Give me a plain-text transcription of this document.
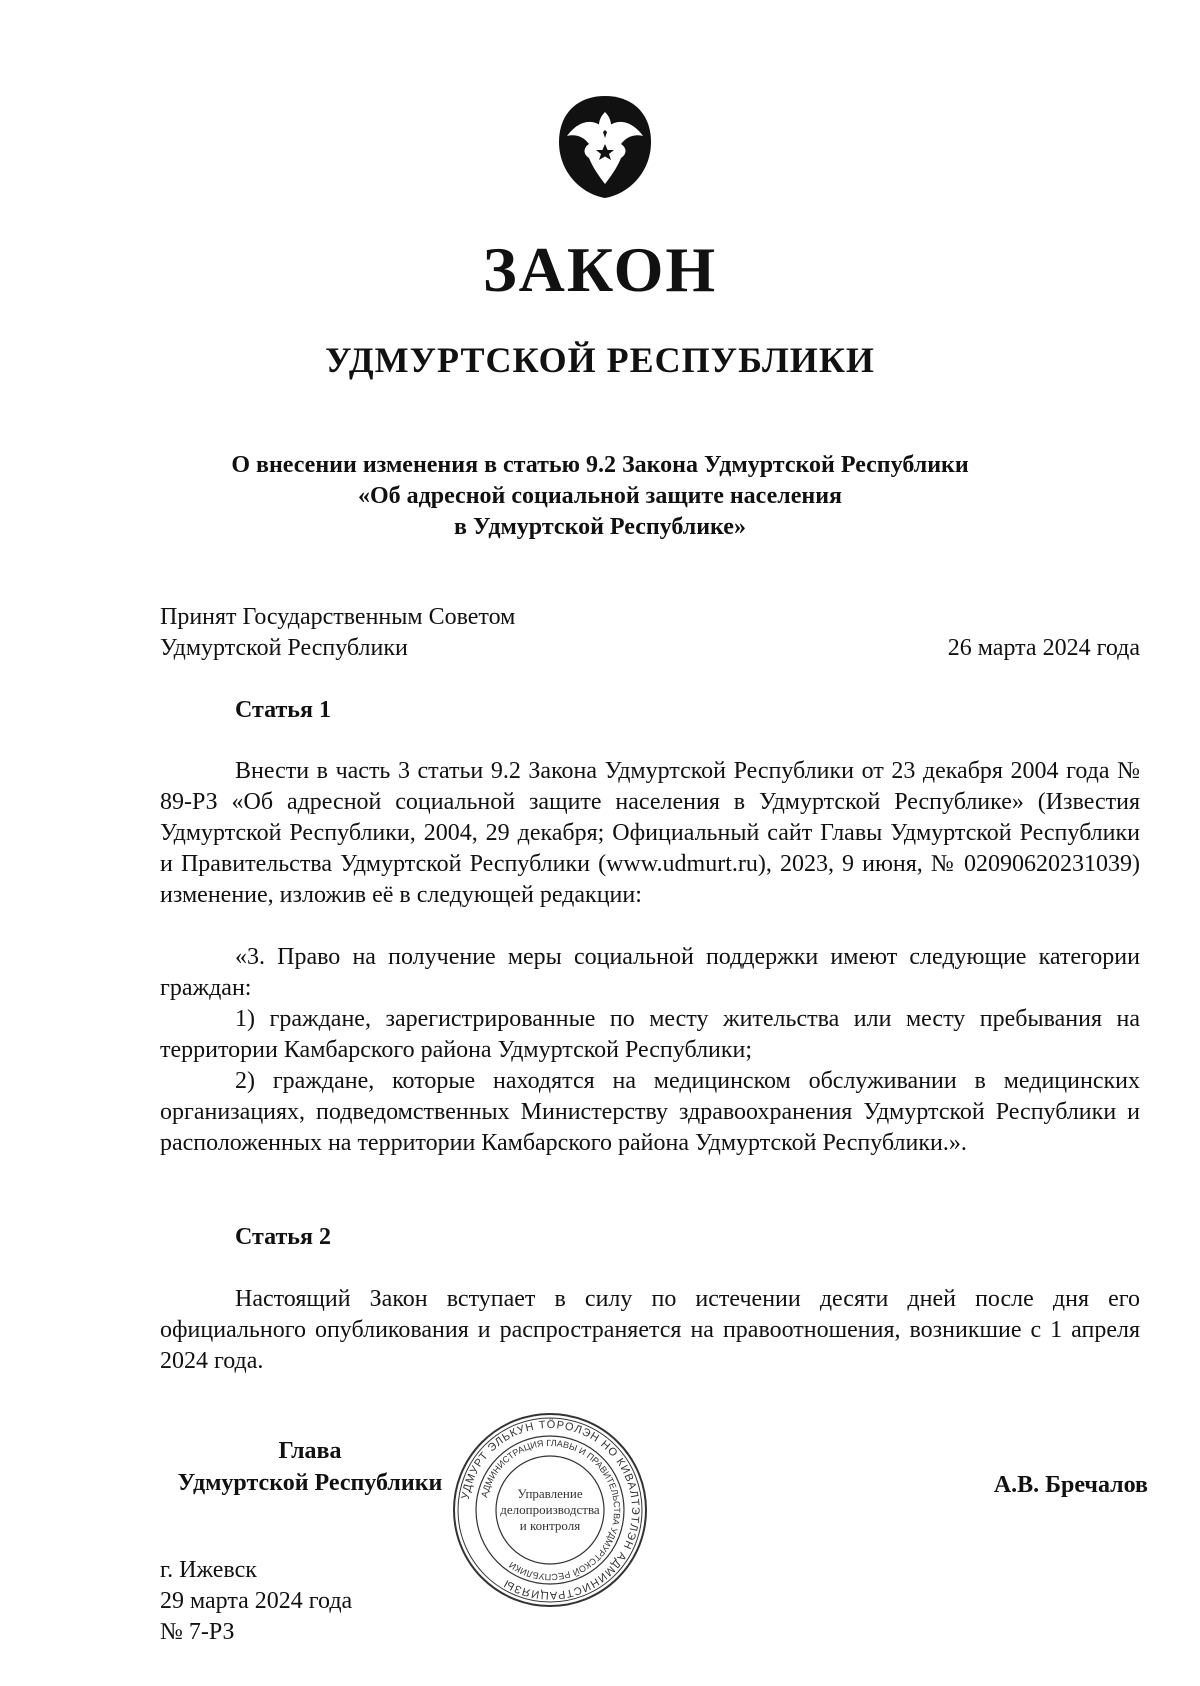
ЗАКОН
УДМУРТСКОЙ РЕСПУБЛИКИ
О внесении изменения в статью 9.2 Закона Удмуртской Республики
«Об адресной социальной защите населения
в Удмуртской Республике»
Принят Государственным Советом
Удмуртской Республики	26 марта 2024 года
Статья 1

Внести в часть 3 статьи 9.2 Закона Удмуртской Республики от 23 декабря 2004 года № 89-РЗ «Об адресной социальной защите населения в Удмуртской Республике» (Известия Удмуртской Республики, 2004, 29 декабря; Официальный сайт Главы Удмуртской Республики и Правительства Удмуртской Республики (www.udmurt.ru), 2023, 9 июня, № 02090620231039) изменение, изложив её в следующей редакции:

«3. Право на получение меры социальной поддержки имеют следующие категории граждан:

1) граждане, зарегистрированные по месту жительства или месту пребывания на территории Камбарского района Удмуртской Республики;

2) граждане, которые находятся на медицинском обслуживании в медицинских организациях, подведомственных Министерству здравоохранения Удмуртской Республики и расположенных на территории Камбарского района Удмуртской Республики.».

Статья 2

Настоящий Закон вступает в силу по истечении десяти дней после дня его официального опубликования и распространяется на правоотношения, возникшие с 1 апреля 2024 года.

Глава
Удмуртской Республики	УДМУРТ ЭЛЬКУН ТӦРОЛЭН НО КИВАЛТЭТЛЭН АДМИНИСТРАЦИЯЗЫ
АДМИНИСТРАЦИЯ ГЛАВЫ И ПРАВИТЕЛЬСТВА УДМУРТСКОЙ РЕСПУБЛИКИ
Управление
делопроизводства
и контроля
А.В. Бречалов
г. Ижевск
29 марта 2024 года
№ 7-РЗ
